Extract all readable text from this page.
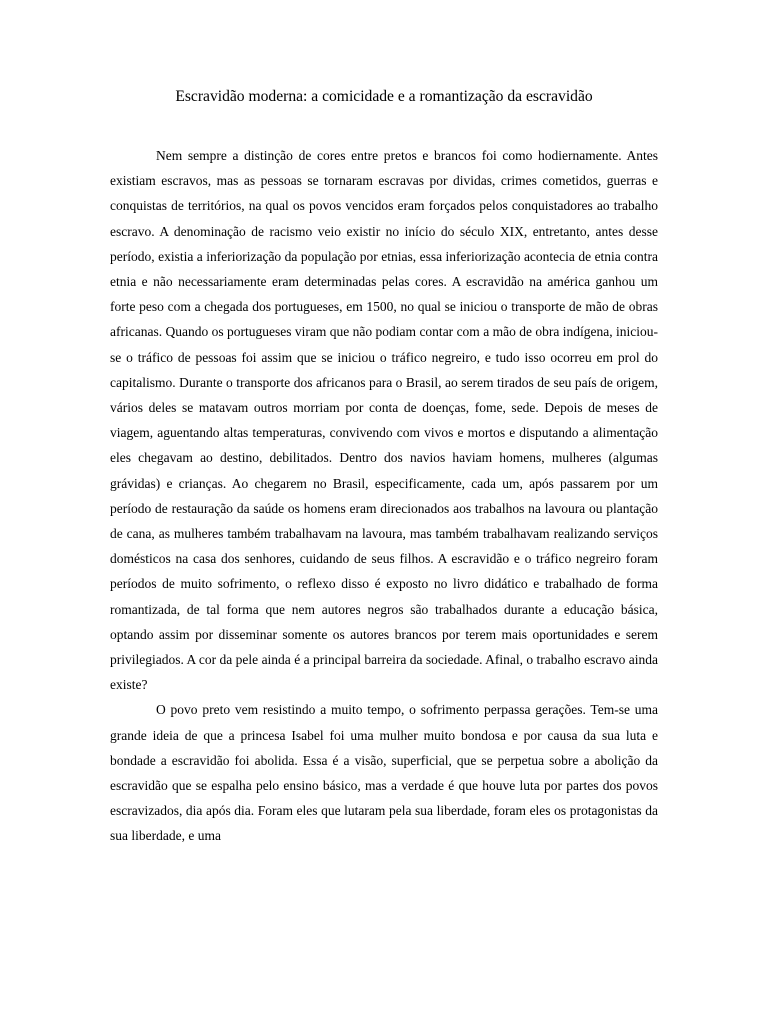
Escravidão moderna: a comicidade e a romantização da escravidão

Nem sempre a distinção de cores entre pretos e brancos foi como hodiernamente. Antes existiam escravos, mas as pessoas se tornaram escravas por dividas, crimes cometidos, guerras e conquistas de territórios, na qual os povos vencidos eram forçados pelos conquistadores ao trabalho escravo. A denominação de racismo veio existir no início do século XIX, entretanto, antes desse período, existia a inferiorização da população por etnias, essa inferiorização acontecia de etnia contra etnia e não necessariamente eram determinadas pelas cores. A escravidão na américa ganhou um forte peso com a chegada dos portugueses, em 1500, no qual se iniciou o transporte de mão de obras africanas. Quando os portugueses viram que não podiam contar com a mão de obra indígena, iniciou-se o tráfico de pessoas foi assim que se iniciou o tráfico negreiro, e tudo isso ocorreu em prol do capitalismo. Durante o transporte dos africanos para o Brasil, ao serem tirados de seu país de origem, vários deles se matavam outros morriam por conta de doenças, fome, sede. Depois de meses de viagem, aguentando altas temperaturas, convivendo com vivos e mortos e disputando a alimentação eles chegavam ao destino, debilitados. Dentro dos navios haviam homens, mulheres (algumas grávidas) e crianças. Ao chegarem no Brasil, especificamente, cada um, após passarem por um período de restauração da saúde os homens eram direcionados aos trabalhos na lavoura ou plantação de cana, as mulheres também trabalhavam na lavoura, mas também trabalhavam realizando serviços domésticos na casa dos senhores, cuidando de seus filhos. A escravidão e o tráfico negreiro foram períodos de muito sofrimento, o reflexo disso é exposto no livro didático e trabalhado de forma romantizada, de tal forma que nem autores negros são trabalhados durante a educação básica, optando assim por disseminar somente os autores brancos por terem mais oportunidades e serem privilegiados. A cor da pele ainda é a principal barreira da sociedade. Afinal, o trabalho escravo ainda existe?

O povo preto vem resistindo a muito tempo, o sofrimento perpassa gerações. Tem-se uma grande ideia de que a princesa Isabel foi uma mulher muito bondosa e por causa da sua luta e bondade a escravidão foi abolida. Essa é a visão, superficial, que se perpetua sobre a abolição da escravidão que se espalha pelo ensino básico, mas a verdade é que houve luta por partes dos povos escravizados, dia após dia. Foram eles que lutaram pela sua liberdade, foram eles os protagonistas da sua liberdade, e uma
